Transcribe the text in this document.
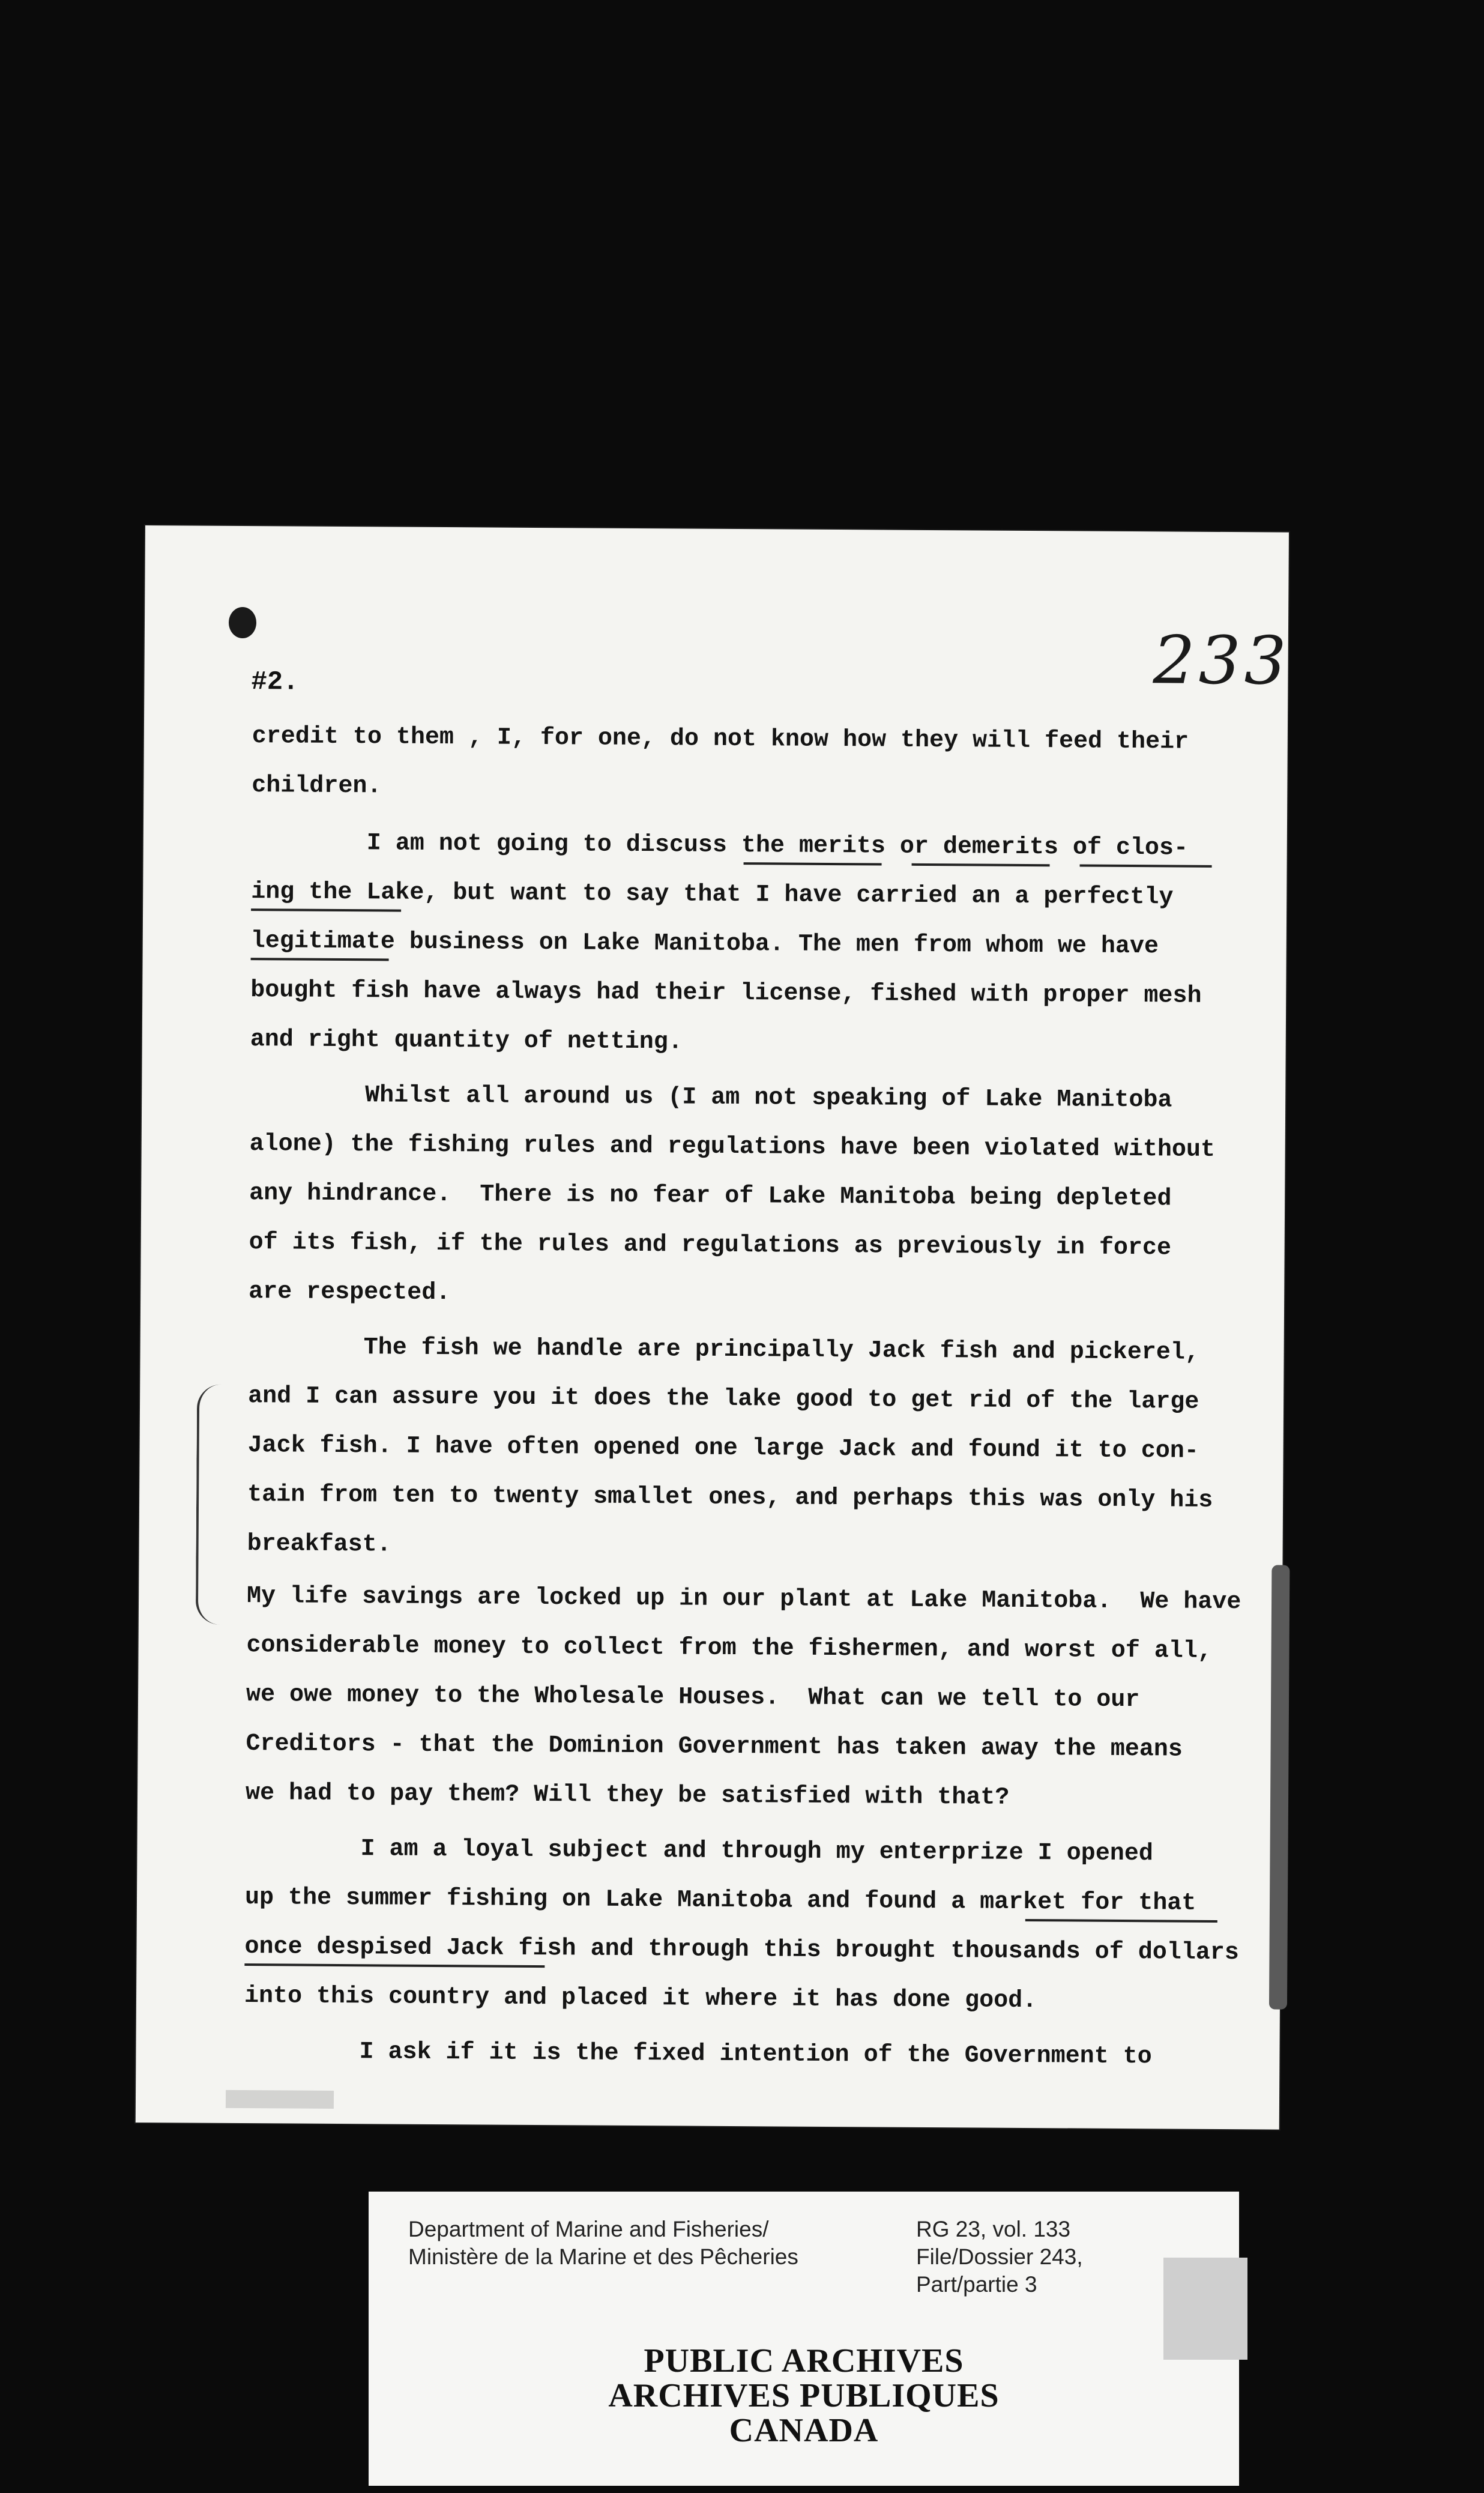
233
#2.
credit to them , I, for one, do not know how they will feed their
children.
I am not going to discuss the merits or demerits of clos-
ing the Lake, but want to say that I have carried an a perfectly
legitimate business on Lake Manitoba. The men from whom we have
bought fish have always had their license, fished with proper mesh
and right quantity of netting.
Whilst all around us (I am not speaking of Lake Manitoba
alone) the fishing rules and regulations have been violated without
any hindrance.  There is no fear of Lake Manitoba being depleted
of its fish, if the rules and regulations as previously in force
are respected.
The fish we handle are principally Jack fish and pickerel,
and I can assure you it does the lake good to get rid of the large
Jack fish. I have often opened one large Jack and found it to con-
tain from ten to twenty smallet ones, and perhaps this was only his
breakfast.
My life savings are locked up in our plant at Lake Manitoba.  We have
considerable money to collect from the fishermen, and worst of all,
we owe money to the Wholesale Houses.  What can we tell to our
Creditors - that the Dominion Government has taken away the means
we had to pay them? Will they be satisfied with that?
I am a loyal subject and through my enterprize I opened
up the summer fishing on Lake Manitoba and found a market for that
once despised Jack fish and through this brought thousands of dollars
into this country and placed it where it has done good.
I ask if it is the fixed intention of the Government to
Department of Marine and Fisheries/
Ministère de la Marine et des Pêcheries
RG 23, vol. 133
File/Dossier 243,
Part/partie 3
PUBLIC ARCHIVES
ARCHIVES PUBLIQUES
CANADA
